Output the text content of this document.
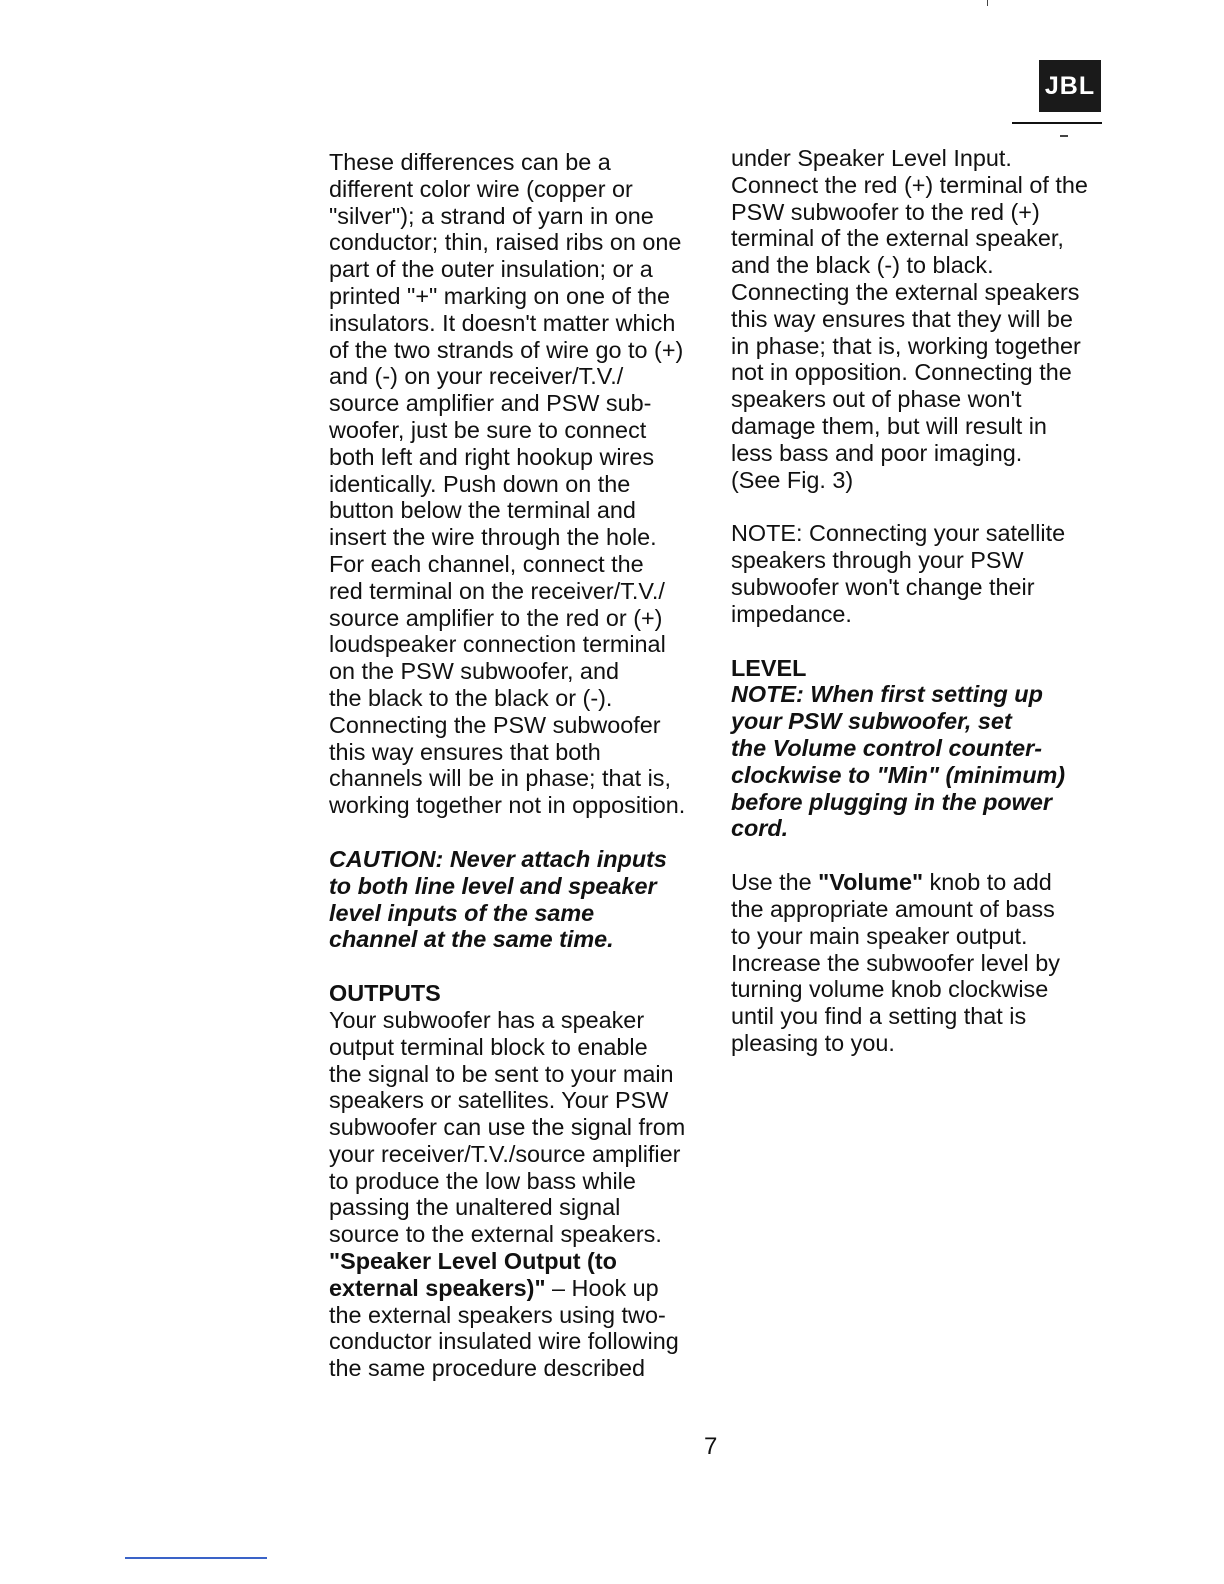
JBL

These differences can be a

different color wire (copper or

"silver"); a strand of yarn in one

conductor; thin, raised ribs on one

part of the outer insulation; or a

printed "+" marking on one of the

insulators. It doesn't matter which

of the two strands of wire go to (+)

and (-) on your receiver/T.V./

source amplifier and PSW sub-

woofer, just be sure to connect

both left and right hookup wires

identically. Push down on the

button below the terminal and

insert the wire through the hole.

For each channel, connect the

red terminal on the receiver/T.V./

source amplifier to the red or (+)

loudspeaker connection terminal

on the PSW subwoofer, and

the black to the black or (-).

Connecting the PSW subwoofer

this way ensures that both

channels will be in phase; that is,

working together not in opposition.

CAUTION: Never attach inputs

to both line level and speaker

level inputs of the same

channel at the same time.

OUTPUTS

Your subwoofer has a speaker

output terminal block to enable

the signal to be sent to your main

speakers or satellites. Your PSW

subwoofer can use the signal from

your receiver/T.V./source amplifier

to produce the low bass while

passing the unaltered signal

source to the external speakers.

"Speaker Level Output (to

external speakers)" – Hook up

the external speakers using two-

conductor insulated wire following

the same procedure described

under Speaker Level Input.

Connect the red (+) terminal of the

PSW subwoofer to the red (+)

terminal of the external speaker,

and the black (-) to black.

Connecting the external speakers

this way ensures that they will be

in phase; that is, working together

not in opposition. Connecting the

speakers out of phase won't

damage them, but will result in

less bass and poor imaging.

(See Fig. 3)

NOTE: Connecting your satellite

speakers through your PSW

subwoofer won't change their

impedance.

LEVEL

NOTE: When first setting up

your PSW subwoofer, set

the Volume control counter-

clockwise to "Min" (minimum)

before plugging in the power

cord.

Use the "Volume" knob to add

the appropriate amount of bass

to your main speaker output.

Increase the subwoofer level by

turning volume knob clockwise

until you find a setting that is

pleasing to you.

7
